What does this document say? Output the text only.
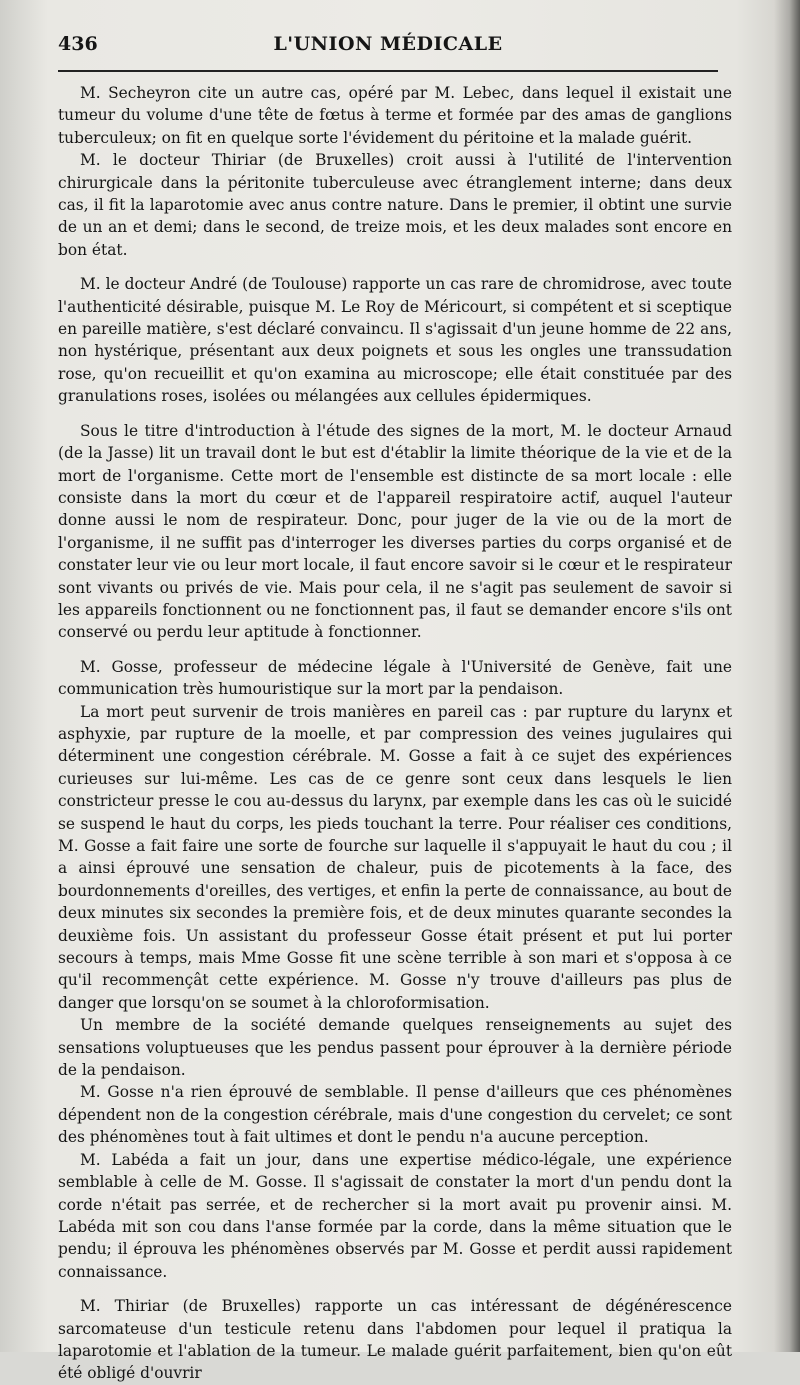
436	L'UNION MÉDICALE

M. Secheyron cite un autre cas, opéré par M. Lebec, dans lequel il existait une tumeur du volume d'une tête de fœtus à terme et formée par des amas de ganglions tuberculeux; on fit en quelque sorte l'évidement du péritoine et la malade guérit.

M. le docteur Thiriar (de Bruxelles) croit aussi à l'utilité de l'intervention chirurgicale dans la péritonite tuberculeuse avec étranglement interne; dans deux cas, il fit la laparotomie avec anus contre nature. Dans le premier, il obtint une survie de un an et demi; dans le second, de treize mois, et les deux malades sont encore en bon état.

M. le docteur André (de Toulouse) rapporte un cas rare de chromidrose, avec toute l'authenticité désirable, puisque M. Le Roy de Méricourt, si compétent et si sceptique en pareille matière, s'est déclaré convaincu. Il s'agissait d'un jeune homme de 22 ans, non hystérique, présentant aux deux poignets et sous les ongles une transsudation rose, qu'on recueillit et qu'on examina au microscope; elle était constituée par des granulations roses, isolées ou mélangées aux cellules épidermiques.

Sous le titre d'introduction à l'étude des signes de la mort, M. le docteur Arnaud (de la Jasse) lit un travail dont le but est d'établir la limite théorique de la vie et de la mort de l'organisme. Cette mort de l'ensemble est distincte de sa mort locale : elle consiste dans la mort du cœur et de l'appareil respiratoire actif, auquel l'auteur donne aussi le nom de respirateur. Donc, pour juger de la vie ou de la mort de l'organisme, il ne suffit pas d'interroger les diverses parties du corps organisé et de constater leur vie ou leur mort locale, il faut encore savoir si le cœur et le respirateur sont vivants ou privés de vie. Mais pour cela, il ne s'agit pas seulement de savoir si les appareils fonctionnent ou ne fonctionnent pas, il faut se demander encore s'ils ont conservé ou perdu leur aptitude à fonctionner.

M. Gosse, professeur de médecine légale à l'Université de Genève, fait une communication très humouristique sur la mort par la pendaison.

La mort peut survenir de trois manières en pareil cas : par rupture du larynx et asphyxie, par rupture de la moelle, et par compression des veines jugulaires qui déterminent une congestion cérébrale. M. Gosse a fait à ce sujet des expériences curieuses sur lui-même. Les cas de ce genre sont ceux dans lesquels le lien constricteur presse le cou au-dessus du larynx, par exemple dans les cas où le suicidé se suspend le haut du corps, les pieds touchant la terre. Pour réaliser ces conditions, M. Gosse a fait faire une sorte de fourche sur laquelle il s'appuyait le haut du cou ; il a ainsi éprouvé une sensation de chaleur, puis de picotements à la face, des bourdonnements d'oreilles, des vertiges, et enfin la perte de connaissance, au bout de deux minutes six secondes la première fois, et de deux minutes quarante secondes la deuxième fois. Un assistant du professeur Gosse était présent et put lui porter secours à temps, mais Mme Gosse fit une scène terrible à son mari et s'opposa à ce qu'il recommençât cette expérience. M. Gosse n'y trouve d'ailleurs pas plus de danger que lorsqu'on se soumet à la chloroformisation.

Un membre de la société demande quelques renseignements au sujet des sensations voluptueuses que les pendus passent pour éprouver à la dernière période de la pendaison.

M. Gosse n'a rien éprouvé de semblable. Il pense d'ailleurs que ces phénomènes dépendent non de la congestion cérébrale, mais d'une congestion du cervelet; ce sont des phénomènes tout à fait ultimes et dont le pendu n'a aucune perception.

M. Labéda a fait un jour, dans une expertise médico-légale, une expérience semblable à celle de M. Gosse. Il s'agissait de constater la mort d'un pendu dont la corde n'était pas serrée, et de rechercher si la mort avait pu provenir ainsi. M. Labéda mit son cou dans l'anse formée par la corde, dans la même situation que le pendu; il éprouva les phénomènes observés par M. Gosse et perdit aussi rapidement connaissance.

M. Thiriar (de Bruxelles) rapporte un cas intéressant de dégénérescence sarcomateuse d'un testicule retenu dans l'abdomen pour lequel il pratiqua la laparotomie et l'ablation de la tumeur. Le malade guérit parfaitement, bien qu'on eût été obligé d'ouvrir
